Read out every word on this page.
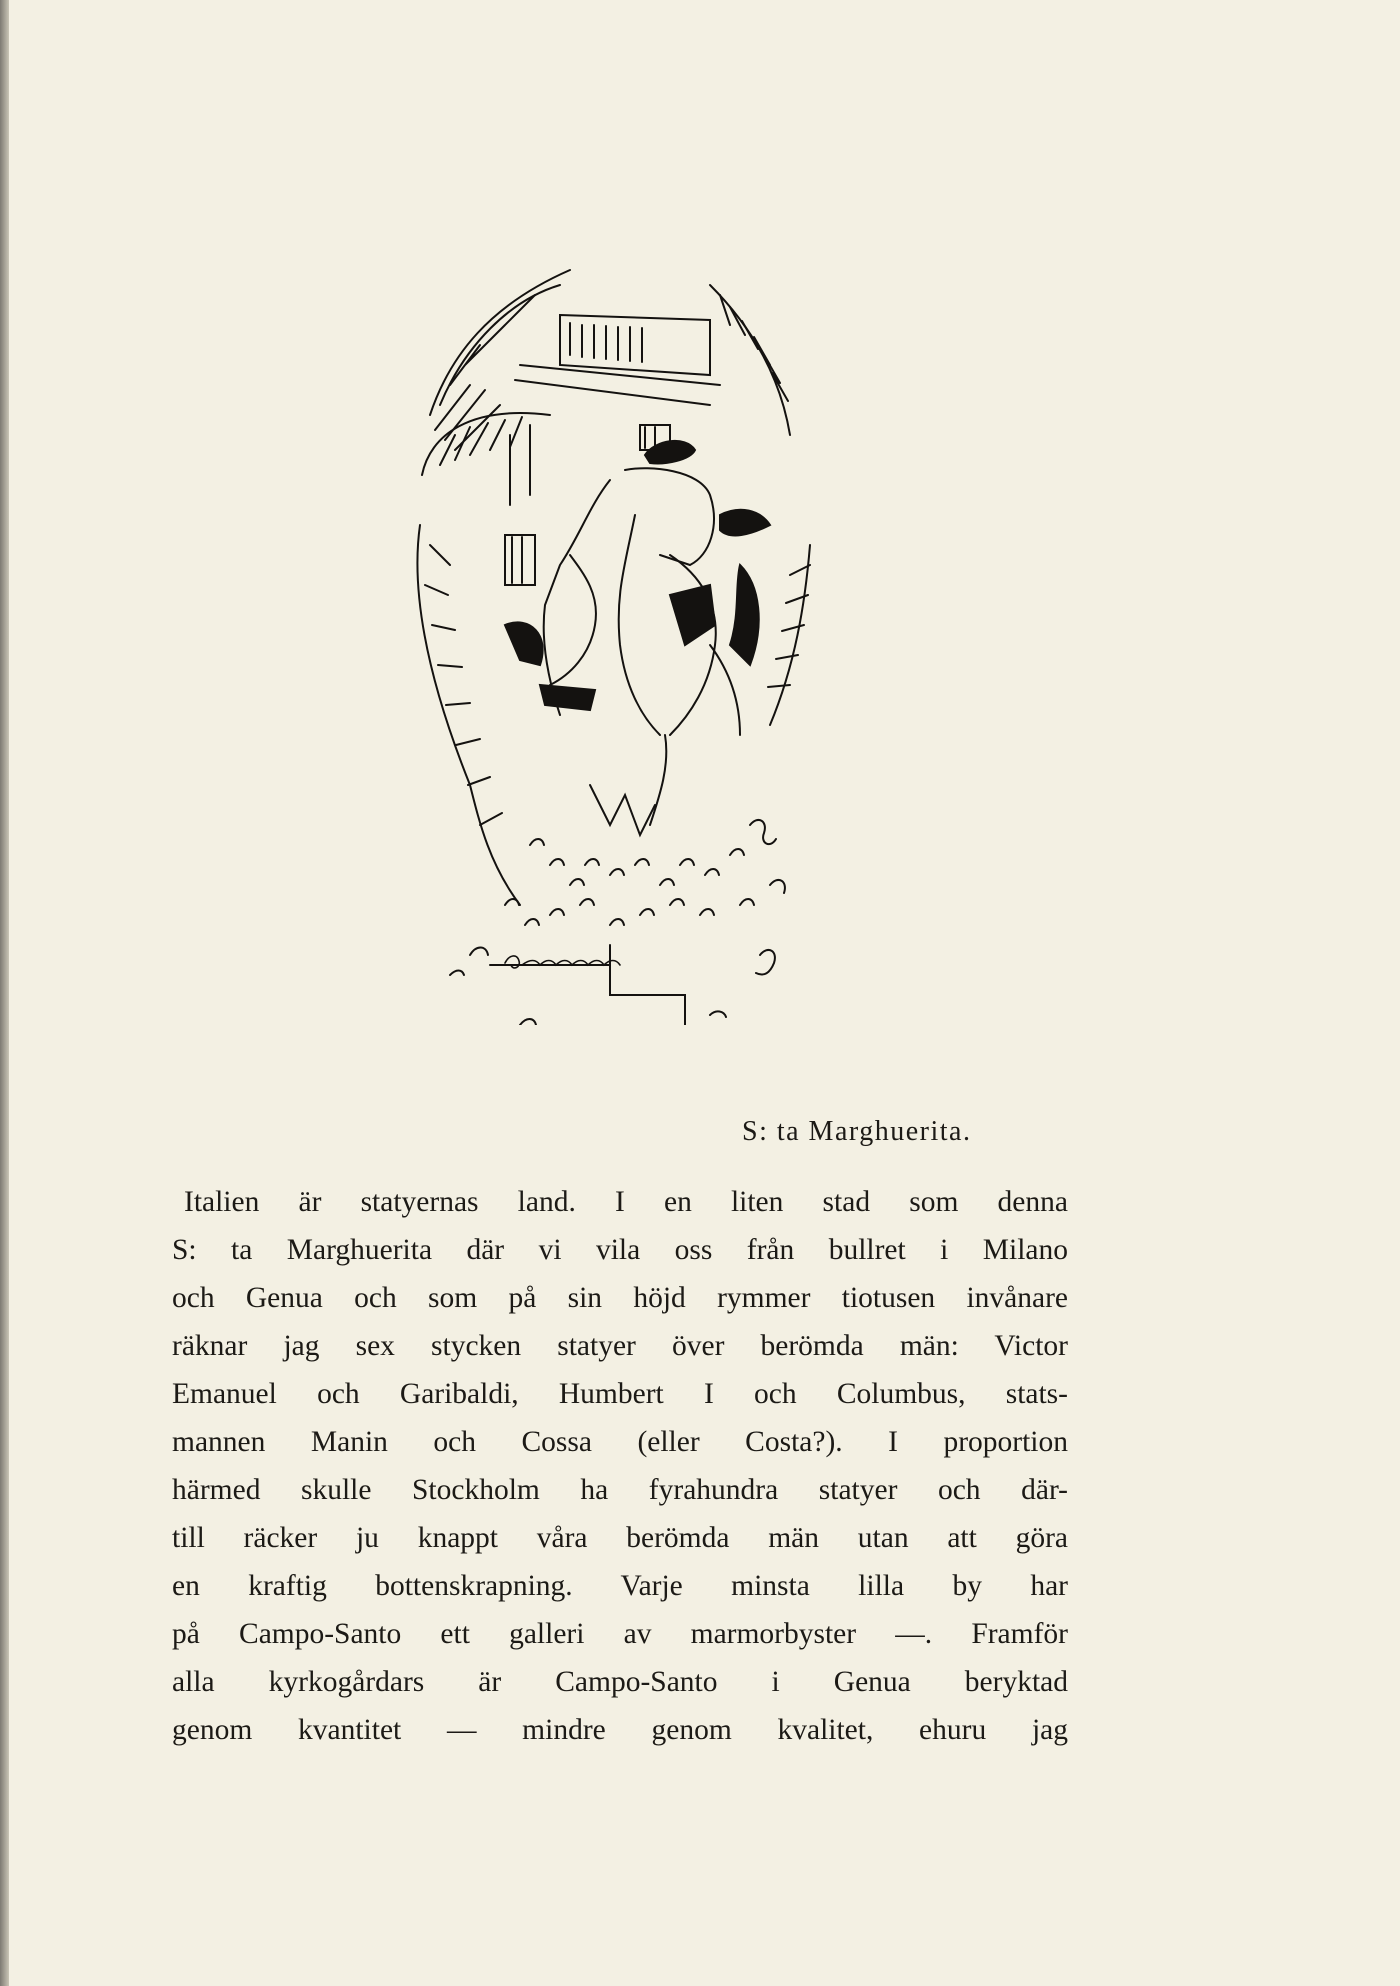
S: ta Marghuerita.
Italien är statyernas land. I en liten stad som denna
S: ta Marghuerita där vi vila oss från bullret i Milano
och Genua och som på sin höjd rymmer tiotusen invånare
räknar jag sex stycken statyer över berömda män: Victor
Emanuel och Garibaldi, Humbert I och Columbus, stats-
mannen Manin och Cossa (eller Costa?). I proportion
härmed skulle Stockholm ha fyrahundra statyer och där-
till räcker ju knappt våra berömda män utan att göra
en kraftig bottenskrapning. Varje minsta lilla by har
på Campo-Santo ett galleri av marmorbyster —. Framför
alla kyrkogårdars är Campo-Santo i Genua beryktad
genom kvantitet — mindre genom kvalitet, ehuru jag
